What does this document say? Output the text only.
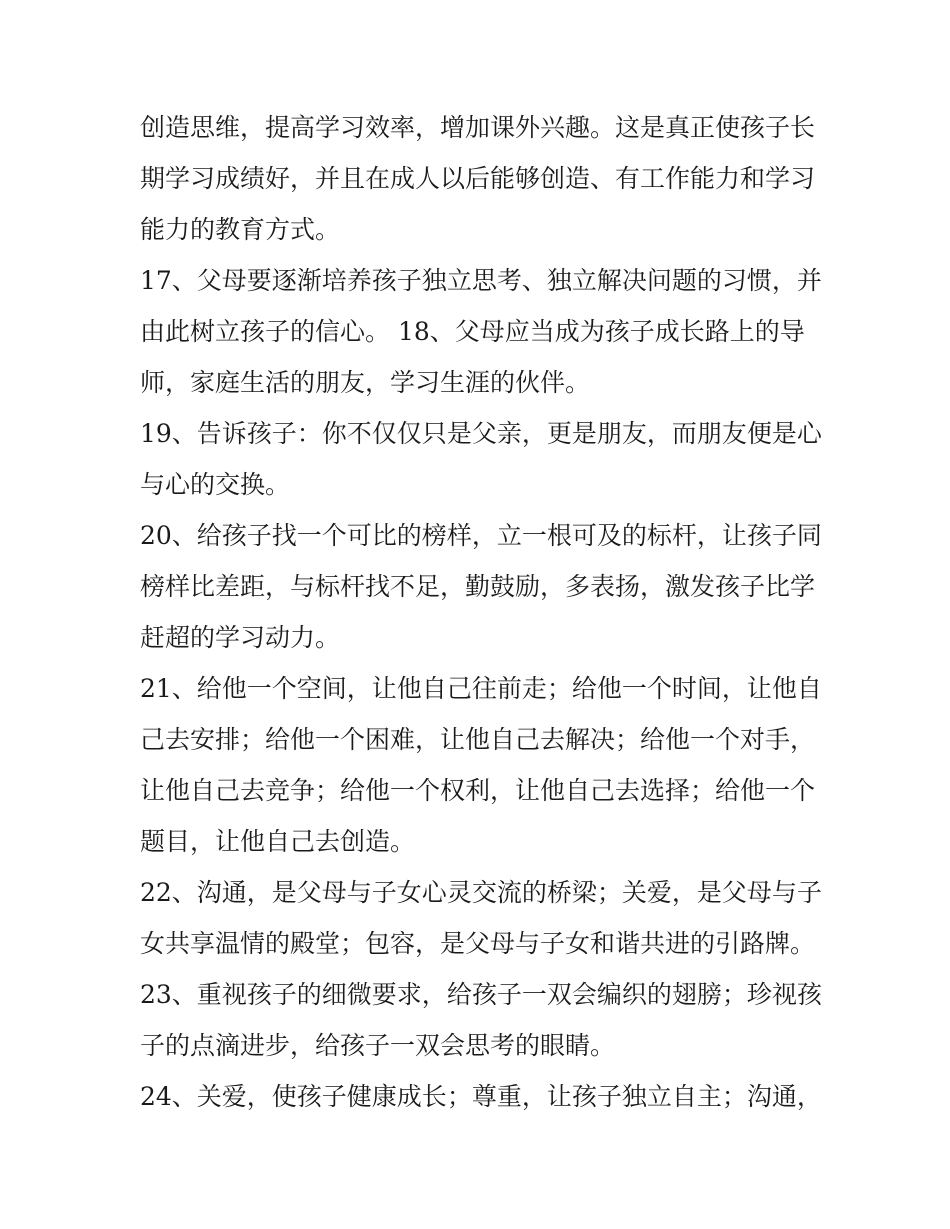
创造思维，提高学习效率，增加课外兴趣。这是真正使孩子长
期学习成绩好，并且在成人以后能够创造、有工作能力和学习
能力的教育方式。
17、父母要逐渐培养孩子独立思考、独立解决问题的习惯，并
由此树立孩子的信心。 18、父母应当成为孩子成长路上的导
师，家庭生活的朋友，学习生涯的伙伴。
19、告诉孩子：你不仅仅只是父亲，更是朋友，而朋友便是心
与心的交换。
20、给孩子找一个可比的榜样，立一根可及的标杆，让孩子同
榜样比差距，与标杆找不足，勤鼓励，多表扬，激发孩子比学
赶超的学习动力。
21、给他一个空间，让他自己往前走；给他一个时间，让他自
己去安排；给他一个困难，让他自己去解决；给他一个对手，
让他自己去竞争；给他一个权利，让他自己去选择；给他一个
题目，让他自己去创造。
22、沟通，是父母与子女心灵交流的桥梁；关爱，是父母与子
女共享温情的殿堂；包容，是父母与子女和谐共进的引路牌。
23、重视孩子的细微要求，给孩子一双会编织的翅膀；珍视孩
子的点滴进步，给孩子一双会思考的眼睛。
24、关爱，使孩子健康成长；尊重，让孩子独立自主；沟通，
